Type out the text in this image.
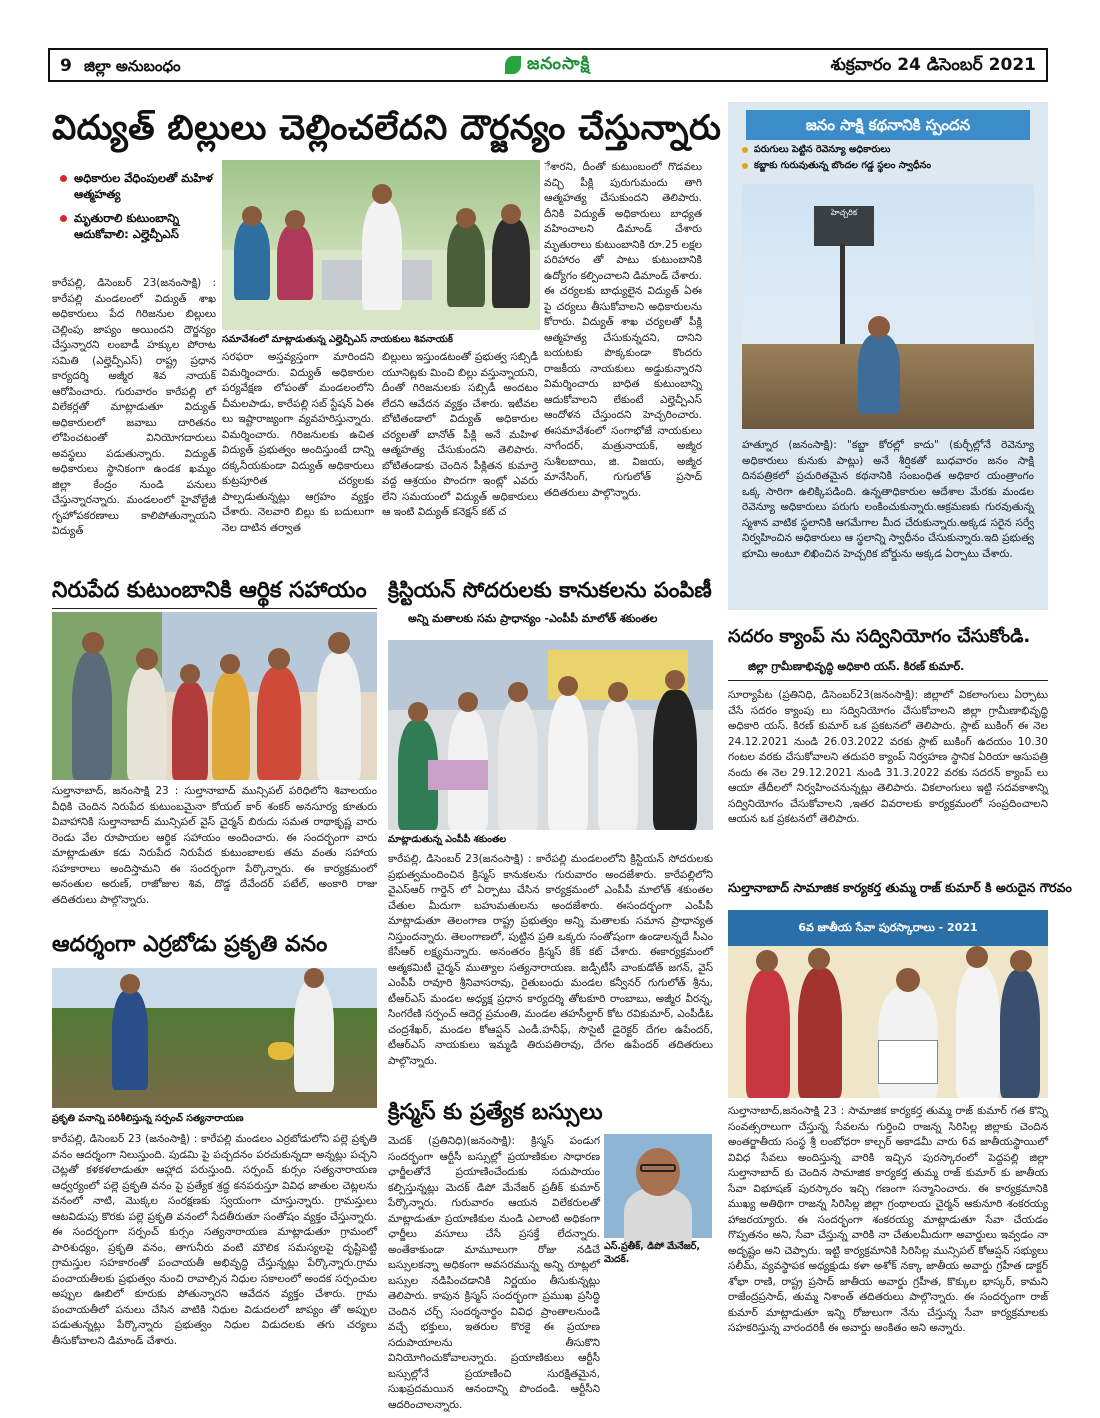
9 జిల్లా అనుబంధం	జనంసాక్షి	శుక్రవారం 24 డిసెంబర్ 2021
విద్యుత్ బిల్లులు చెల్లించలేదని దౌర్జన్యం చేస్తున్నారు
అధికారుల వేధింపులతో మహిళ ఆత్మహత్య
మృతురాలి కుటుంబాన్ని ఆదుకోవాలి: ఎల్హెచ్పీఎస్
కారేపల్లి, డిసెంబర్ 23(జనంసాక్షి) : కారేపల్లి మండలంలో విద్యుత్ శాఖ అధికారులు పేద గిరిజనుల బిల్లులు చెల్లింపు జాప్యం అయిందని దౌర్జన్యం చేస్తున్నారని లంబాడీ హక్కుల పోరాట సమితి (ఎల్హెచ్పీఎస్) రాష్ట్ర ప్రధాన కార్యదర్శి అజ్మీర శివ నాయక్ ఆరోపించారు. గురువారం కారేపల్లి లో విలేకర్లతో మాట్లాడుతూ విద్యుత్ అధికారులలో జవాబు దారితనం లోపించటంతో వినియోగదారులు అవస్థలు పడుతున్నారు. విద్యుత్ అధికారులు స్థానికంగా ఉండక ఖమ్మం జిల్లా కేంద్రం నుండి పనులు చేస్తున్నారన్నారు. మండలంలో హైవోల్టేజీ గృహోపకరణాలు కాలిపోతున్నాయని విద్యుత్
సమావేశంలో మాట్లాడుతున్న ఎల్హెచ్పీఎస్ నాయకులు శివనాయక్
సరఫరా అస్తవ్యస్తంగా మారిందని విమర్శించారు. విద్యుత్ అధికారుల పర్యవేక్షణ లోపంతో మండలంలోని చీమలపాడు, కారేపల్లి సబ్ స్టేషన్ ఏఈ లు ఇష్టారాజ్యంగా వ్యవహరిస్తున్నారు. విమర్శించారు. గిరిజనులకు ఉచిత విద్యుత్ ప్రభుత్వం అందిస్తుంటే దాన్ని దక్కనీయకుండా విద్యుత్ అధికారులు కుట్రపూరిత చర్యలకు పాల్పడుతున్నట్లు ఆగ్రహం వ్యక్తం చేశారు. నెలవారి బిల్లు కు బదులుగా నెల దాటిన తర్వాత
బిల్లులు ఇస్తుండటంతో ప్రభుత్వ సబ్సిడీ యూనిట్లకు మించి బిల్లు వస్తున్నాయని, దీంతో గిరిజనులకు సబ్సిడీ అందటం లేదని ఆవేదన వ్యక్తం చేశారు. ఇటీవల బోటితండాలో విద్యుత్ అధికారుల చర్యలతో బానోత్ పీక్లి అనే మహిళ ఆత్మహత్య చేసుకుందని తెలిపారు. బోటితండాకు చెందిన పీక్లితన కుమార్తె వద్ద ఆశ్రయం పొందగా ఇంట్లో ఎవరు లేని సమయంలో విద్యుత్ అధికారులు ఆ ఇంటి విద్యుత్ కనెక్షన్ కట్ చ
ేశారని, దీంతో కుటుంబంలో గొడవలు వచ్చి పీక్లి పురుగుమందు తాగి ఆత్మహత్య చేసుకుందని తెలిపారు. దీనికి విద్యుత్ అధికారులు బాధ్యత వహించాలని డిమాండ్ చేశారు మృతురాలు కుటుంబానికి రూ.25 లక్షల పరిహారం తో పాటు కుటుంబానికి ఉద్యోగం కల్పించాలని డిమాండ్ చేశారు. ఈ చర్యలకు బాధ్యులైన విద్యుత్ ఏఈ పై చర్యలు తీసుకోవాలని అధికారులను కోరారు. విద్యుత్ శాఖ చర్యలతో పీక్లి ఆత్మహత్య చేసుకున్నదని, దానిని బయటకు పొక్కకుండా కొందరు రాజకీయ నాయకులు అడ్డుకున్నారని విమర్శించారు బాధిత కుటుంబాన్ని ఆదుకోవాలని లేకుంటే ఎల్హెచ్పీఎస్ ఆందోళన చేస్తుందని హెచ్చరించారు. ఈసమావేశంలో సంగాభోజే నాయకులు నాగేందర్, మత్రునాయక్, అజ్మీర సుశీలబాయి, జి. విజయ, అజ్మీర మానేసింగ్, గుగులోత్ ప్రసాద్ తదితరులు పాల్గొన్నారు.
జనం సాక్షి కథనానికి స్పందన
పరుగులు పెట్టిన రెవెన్యూ అధికారులు
కబ్జాకు గురువుతున్న బొందల గడ్డ స్థలం స్వాధీనం
హెచ్చరిక
హత్నూర (జనంసాక్షి): "కబ్జా కోరల్లో కాదు" (కుర్చీల్లోనే రెవెన్యూ అధికారులు కునుకు పాట్లు) అనే శీర్షికతో బుధవారం జనం సాక్షి దినపత్రికలో ప్రచురితమైన కథనానికి సంబంధిత అధికార యంత్రాంగం ఒక్క సారిగా ఉలిక్కిపడింది. ఉన్నతాధికారుల ఆదేశాల మేరకు మండల రెవెన్యూ అధికారులు పరుగు లంకించుకున్నారు.ఆక్రమణకు గురవుతున్న స్మశాన వాటిక స్థలానికి ఆగమేగాల మీద చేరుకున్నారు.అక్కడ సరైన సర్వే నిర్వహించిన అధికారులు ఆ స్థలాన్ని స్వాధీనం చేసుకున్నారు.ఇది ప్రభుత్వ భూమి అంటూ లిఖించిన హెచ్చరిక బోర్డును అక్కడ ఏర్పాటు చేశారు.
నిరుపేద కుటుంబానికి ఆర్థిక సహాయం
సుల్తానాబాద్, జనంసాక్షి 23 : సుల్తానాబాద్ మున్సిపల్ పరిధిలోని శివాలయం వీధికి చెందిన నిరుపేద కుటుంబమైనా కోయల్ కార్ శంకర్ అనసూర్య కూతురు వివాహానికి సుల్తానాబాద్ మున్సిపల్ వైస్ చైర్మన్ బిరుదు సమత రాథాకృష్ణ వారు రెండు వేల రూపాయల ఆర్థిక సహాయం అందించారు. ఈ సందర్భంగా వారు మాట్లాడుతూ కడు నిరుపేద నిరుపేద కుటుంబాలకు తమ వంతు సహాయ సహకారాలు అందిస్తామని ఈ సందర్భంగా పేర్కొన్నారు. ఈ కార్యక్రమంలో అనంతుల అరుణ్, రాజోజుల శివ, దొడ్డ దేవేందర్ పటేల్, అంకారి రాజు తదితరులు పాల్గొన్నారు.
ఆదర్శంగా ఎర్రబోడు ప్రకృతి వనం
ప్రకృతి వనాన్ని పరిశీలిస్తున్న సర్పంచ్ సత్యనారాయణ
కారేపల్లి, డిసెంబర్ 23 (జనంసాక్షి) : కారేపల్లి మండలం ఎర్రబోడులోని పల్లె ప్రకృతి వనం ఆదర్శంగా నిలుస్తుంది. పుడమి పై పచ్చదనం పరచుకున్నదా అన్నట్లు పచ్చని చెట్లతో కళకళలాడుతూ ఆహ్లాద పరుస్తుంది. సర్పంచ్ కుర్సం సత్యనారాయణ ఆధ్వర్యంలో పల్లె ప్రకృతి వనం పై ప్రత్యేక శ్రద్ధ కనపరుస్తూ వివిధ జాతుల చెట్లలను వనంలో నాటి, మొక్కల సంరక్షణకు స్వయంగా చూస్తున్నారు. గ్రామస్తులు ఆటవిడుపు కొరకు పల్లె ప్రకృతి వనంలో సేదతీరుతూ సంతోషం వ్యక్తం చేస్తున్నారు. ఈ సందర్భంగా సర్పంచ్ కుర్సం సత్యనారాయణ మాట్లాడుతూ గ్రామంలో పారిశుధ్యం, ప్రకృతి వనం, తాగునీరు వంటి మౌలిక సమస్యలపై దృష్టిపెట్టి గ్రామస్తుల సహకారంతో పంచాయతీ అభివృద్ధి చేస్తున్నట్లు పేర్కొన్నారు.గ్రామ పంచాయతీలకు ప్రభుత్వం నుంచి రావాల్సిన నిధుల సకాలంలో అందక సర్పంచుల అప్పుల ఊబిలో కూరుకు పోతున్నారని ఆవేదన వ్యక్తం చేశారు. గ్రామ పంచాయతీలో పనులు చేసిన వాటికి నిధుల విడుదలలో జాప్యం తో అప్పుల పడుతున్నట్లు పేర్కొన్నారు ప్రభుత్వం నిధుల విడుదలకు తగు చర్యలు తీసుకోవాలని డిమాండ్ చేశారు.
క్రిస్టియన్ సోదరులకు కానుకలను పంపిణీ
అన్ని మతాలకు సమ ప్రాధాన్యం -ఎంపీపీ మాలోత్ శకుంతల
మాట్లాడుతున్న ఎంపీపీ శకుంతల
కారేపల్లి, డిసెంబర్ 23(జనంసాక్షి) : కారేపల్లి మండలంలోని క్రిస్టియన్ సోదరులకు ప్రభుత్వమందించిన క్రిస్మస్ కానుకలను గురువారం అందజేశారు. కారేపల్లిలోని వైఎస్ఆర్ గార్డెన్ లో ఏర్పాటు చేసిన కార్యక్రమంలో ఎంపీపీ మాలోత్ శకుంతల చేతుల మీదుగా బహుమతులను అందజేశారు. ఈసందర్భంగా ఎంపీపీ మాట్లాడుతూ తెలంగాణ రాష్ట్ర ప్రభుత్వం అన్ని మతాలకు సమాన ప్రాధాన్యత నిస్తుందన్నారు. తెలంగాణలో, పుట్టిన ప్రతి ఒక్కరు సంతోషంగా ఉండాలన్నదే సీఎం కేసీఆర్ లక్ష్యమన్నారు. అనంతరం క్రిస్మస్ కేక్ కట్ చేశారు. ఈకార్యక్రమంలో ఆత్మకమిటీ చైర్మన్ ముత్యాల సత్యనారాయణ. జడ్పీటీసీ వాంకుడోత్ జగన్, వైస్ ఎంపీపీ రావూరి శ్రీనివాసరావు, రైతుబంధు మండల కన్వీనర్ గుగులోత్ శ్రీను, టీఆర్ఎస్ మండల అధ్యక్ష ప్రధాన కార్యదర్శి తోటకూరి రాంబాబు, అజ్మీర వీరన్న, సింగరేణి సర్పంచ్ ఆదెర్ల ప్రమంతి, మండల తహసీల్దార్ కోట రవికుమార్, ఎంపీడీఓ చంద్రశేఖర్, మండల కోఆప్షన్ ఎండీ.హనీఫ్, సొసైటీ డైరెక్టర్ దేగల ఉపేందర్, టీఆర్ఎస్ నాయకులు ఇమ్మడి తిరుపతిరావు, దేగల ఉపేందర్ తదితరులు పాల్గొన్నారు.
క్రిస్మస్ కు ప్రత్యేక బస్సులు
మెదక్ (ప్రతినిధి)(జనంసాక్షి): క్రిస్మస్ పండుగ సందర్భంగా ఆర్టీసీ బస్సుల్లో ప్రయాణికుల సాధారణ ఛార్జీలతోనే ప్రయాణించేందుకు సదుపాయం కల్పిస్తున్నట్లు మెదక్ డిపో మేనేజర్ ప్రతీక్ కుమార్ పేర్కొన్నారు. గురువారం ఆయన విలేకరులతో మాట్లాడుతూ ప్రయాణికుల నుండి ఎలాంటి అధికంగా ఛార్జీలు వసూలు చేసే ప్రసక్తే లేదన్నారు. అంతేకాకుండా మామూలుగా రోజు నడిచే బస్సులకన్నా అధికంగా అవసరమున్న అన్ని రూట్లలో బస్సుల నడిపించడానికి నిర్ణయం తీసుకున్నట్లు తెలిపారు. కాపున క్రిస్మస్ సందర్భంగా ప్రముఖ ప్రసిద్ధి చెందిన చర్చ్ సందర్శనార్థం వివిధ ప్రాంతాలనుండి వచ్చే భక్తులు, ఇతరుల కొరకై ఈ ప్రయాణ సదుపాయాలను తీసుకొని వినియోగించుకోవాలన్నారు. ప్రయాణికులు ఆర్టీసీ బస్సుల్లోనే ప్రయాణించి సురక్షితమైన, సుఖప్రదమయిన ఆనందాన్ని పొందండి. ఆర్టీసీని ఆదరించాలన్నారు.
ఎస్.ప్రతీక్, డిపో మేనేజర్, మెదక్.
సదరం క్యాంప్ ను సద్వినియోగం చేసుకోండి.
జిల్లా గ్రామీణాభివృద్ధి అధికారి యస్. కిరణ్ కుమార్.
సూర్యాపేట (ప్రతినిధి, డిసెంబర్23(జనంసాక్షి): జిల్లాలో వికలాంగులు ఏర్పాటు చేసే సదరం క్యాంపు లు సద్వినియోగం చేసుకోవాలని జిల్లా గ్రామీణాభివృద్ధి అధికారి యస్. కిరణ్ కుమార్ ఒక ప్రకటనలో తెలిపారు. స్లాట్ బుకింగ్ ఈ నెల 24.12.2021 నుండి 26.03.2022 వరకు స్లాట్ బుకింగ్ ఉదయం 10.30 గంటల వరకు చేసుకోవాలని తదుపరి క్యాంప్ నిర్వహణ స్థానిక ఏరియా ఆసుపత్రి నందు ఈ నెల 29.12.2021 నుండి 31.3.2022 వరకు సదరన్ క్యాంప్ లు ఆయా తేదీలలో నిర్వహించనున్నట్లు తెలిపారు. వికలాంగులు ఇట్టి సదవకాశాన్ని సద్వినియోగం చేసుకోవాలని ,ఇతర వివరాలకు కార్యక్రమంలో సంప్రదించాలని ఆయన ఒక ప్రకటనలో తెలిపారు.
సుల్తానాబాద్ సామాజిక కార్యకర్త తుమ్మ రాజ్ కుమార్ కి అరుదైన గౌరవం
6వ జాతీయ సేవా పురస్కారాలు - 2021
సుల్తానాబాద్,జనంసాక్షి 23 : సామాజిక కార్యకర్త తుమ్మ రాజ్ కుమార్ గత కొన్ని సంవత్సరాలుగా చేస్తున్న సేవలను గుర్తించి రాజన్న సిరిసిల్ల జిల్లాకు చెందిన అంతర్జాతీయ సంస్థ శ్రీ లంబోధరా కాల్చర్ అకాడమీ వారు 6వ జాతీయస్థాయిలో వివిధ సేవలు అందిస్తున్న వారికి ఇచ్చిన పురస్కారంలో పెద్దపల్లి జిల్లా సుల్తానాబాద్ కు చెందిన సామాజిక కార్యకర్త తుమ్మ రాజ్ కుమార్ కు జాతీయ సేవా విభూషణ్ పురస్కారం ఇచ్చి గణంగా సన్మానించారు. ఈ కార్యక్రమానికి ముఖ్య అతిథిగా రాజన్న సిరిసిల్ల జిల్లా గ్రంథాలయ చైర్మన్ ఆకునూరి శంకరయ్య హాజరయ్యారు. ఈ సందర్భంగా శంకరయ్య మాట్లాడుతూ సేవా చేయడం గొప్పతనం అని, సేవా చేస్తున్న వారికి నా చేతులమీదుగా అవార్డులు ఇవ్వడం నా అదృష్టం అని చెప్పారు. ఇట్టి కార్యక్రమానికి సిరిసిల్ల మున్సిపల్ కోఆప్షన్ సభ్యులు సలీమ్, వ్యవస్థాపక అధ్యక్షుడు కళా అశోక్ నక్కా జాతీయ అవార్డు గ్రహీత డాక్టర్ శోభా రాణి, రాష్ట్ర ప్రసాద్ జాతీయ అవార్డు గ్రహీత, కొక్కుల భాస్కర్, కామని రాజేంద్రప్రసాద్, తుమ్మ నిశాంత్ తదితరులు పాల్గొన్నారు. ఈ సందర్భంగా రాజ్ కుమార్ మాట్లాడుతూ ఇన్ని రోజులుగా నేను చేస్తున్న సేవా కార్యక్రమాలకు సహకరిస్తున్న వారందరికీ ఈ అవార్డు అంకితం అని అన్నారు.
